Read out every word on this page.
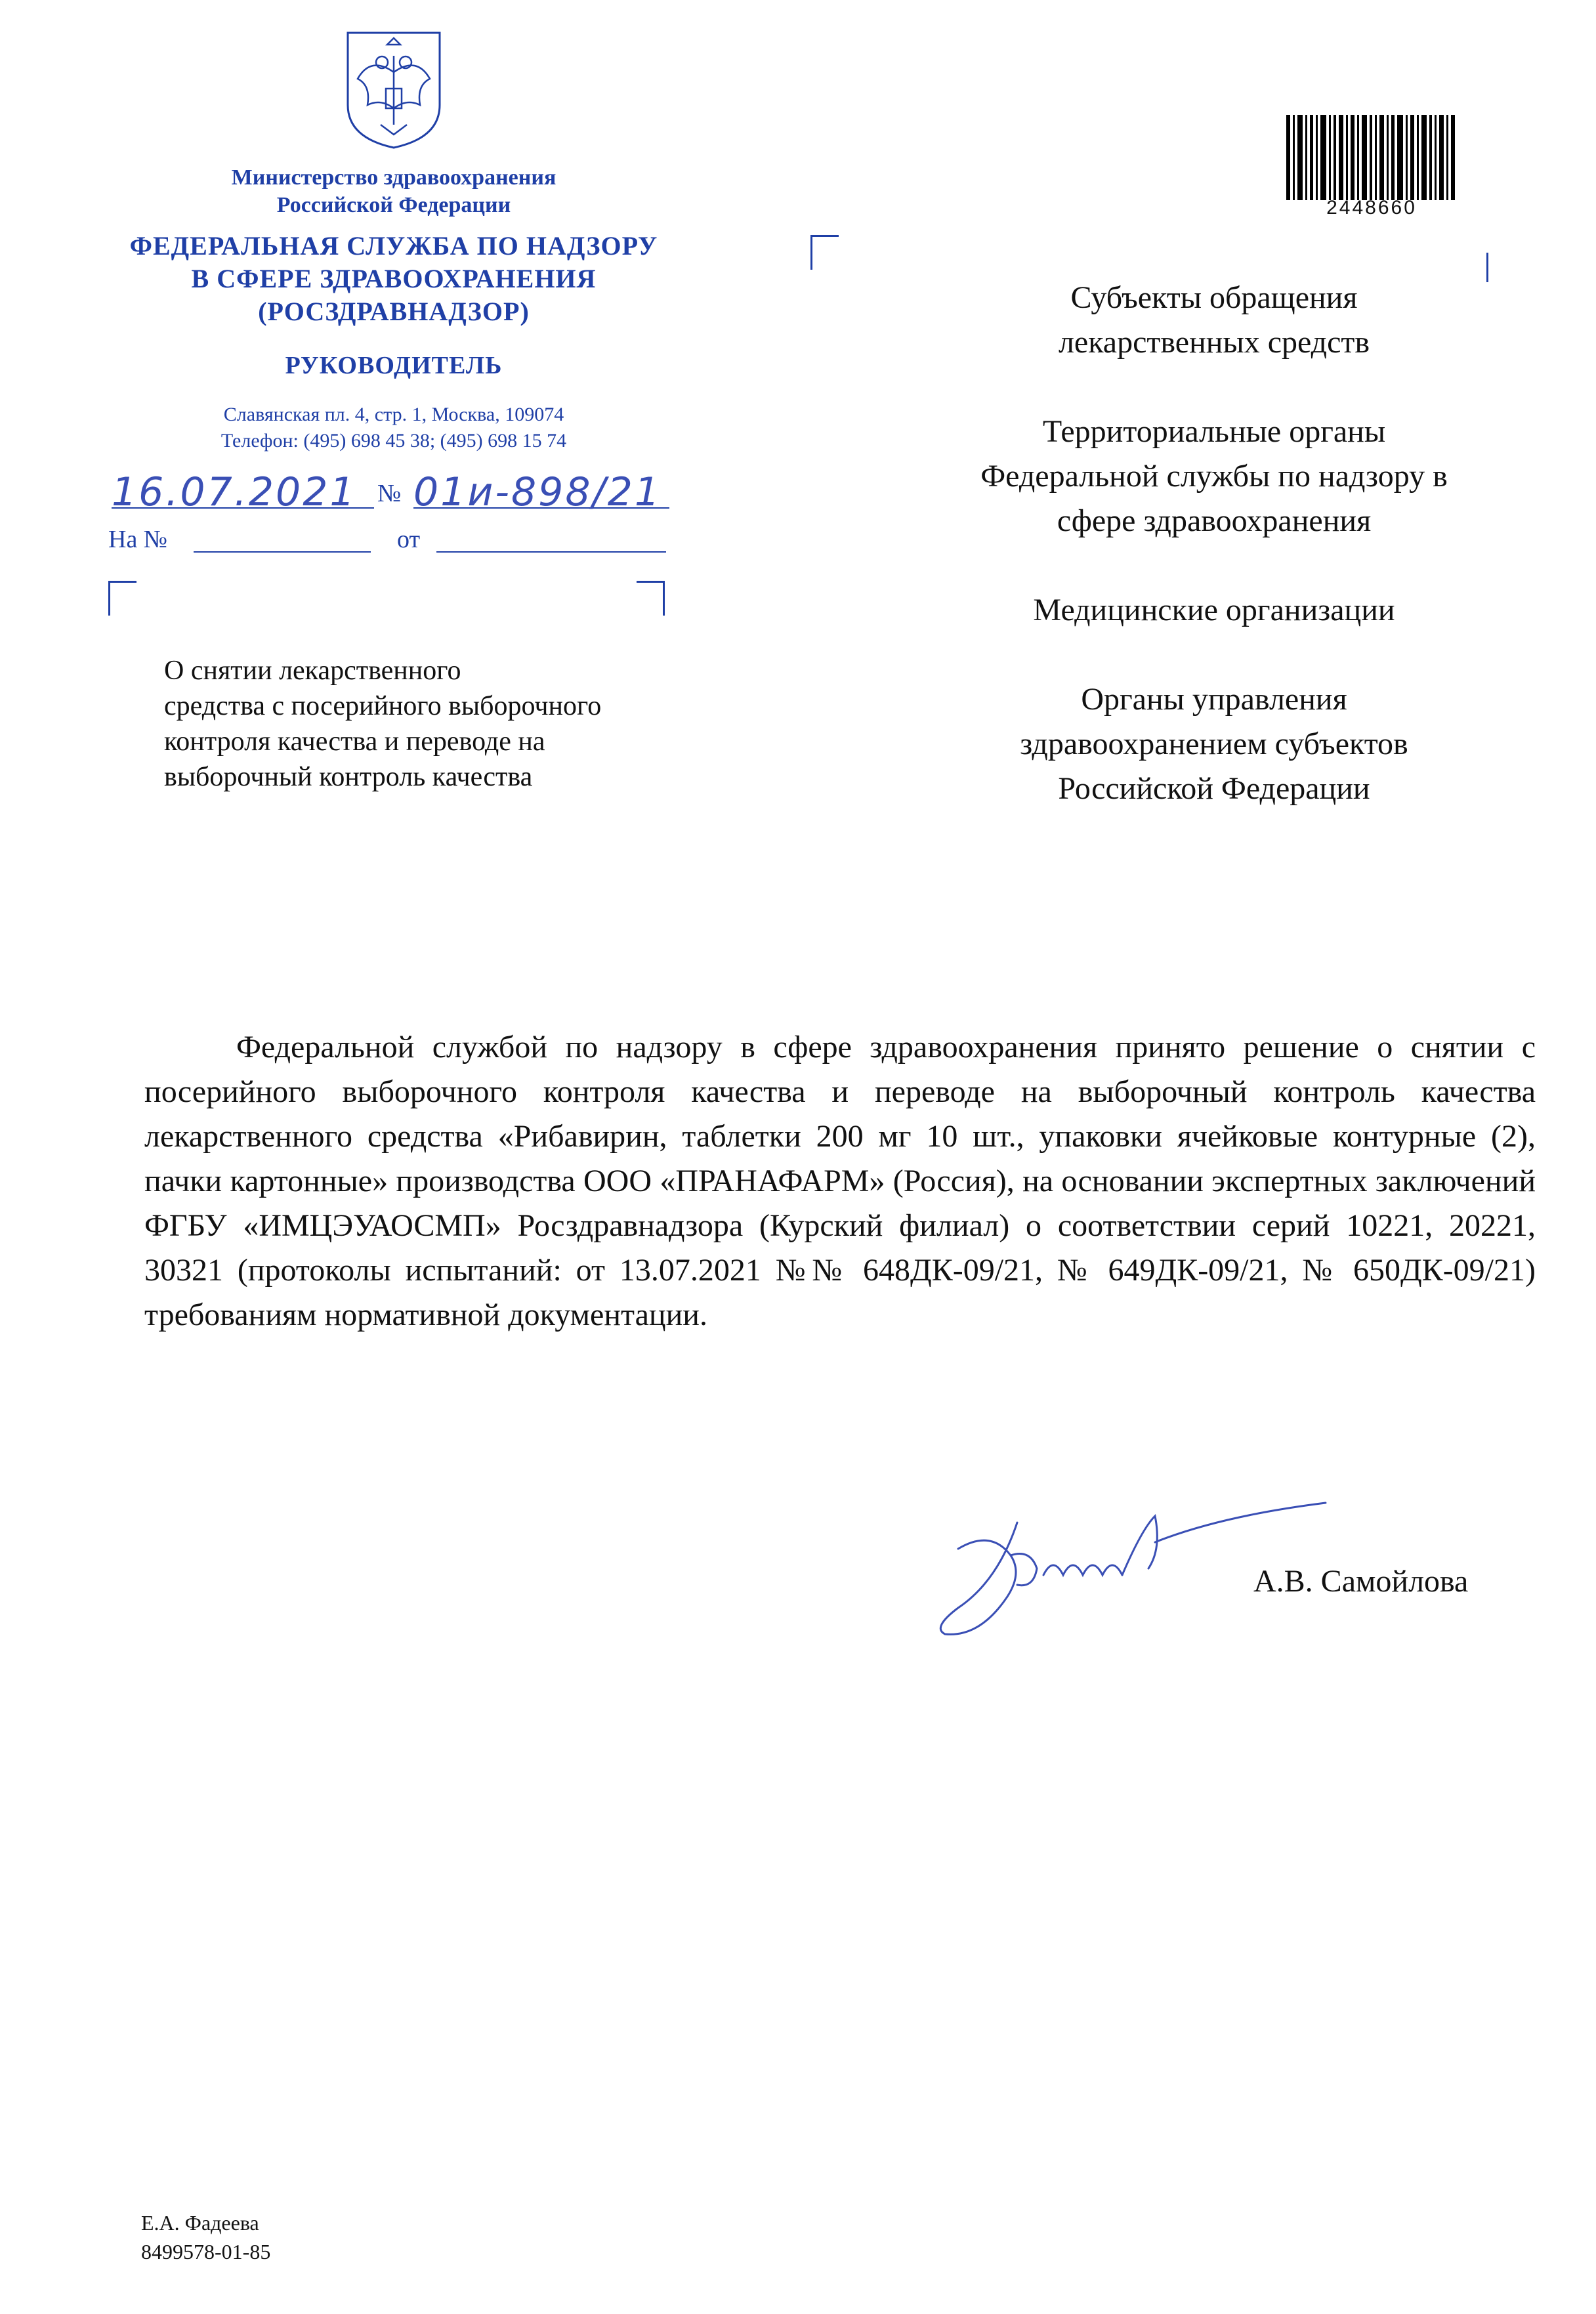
Министерство здравоохранения
Российской Федерации
ФЕДЕРАЛЬНАЯ СЛУЖБА ПО НАДЗОРУ
В СФЕРЕ ЗДРАВООХРАНЕНИЯ
(РОСЗДРАВНАДЗОР)
РУКОВОДИТЕЛЬ
Славянская пл. 4, стр. 1, Москва, 109074
Телефон: (495) 698 45 38; (495) 698 15 74
16.07.2021 № 01и-898/21
На №	от
2448660
Субъекты обращения
лекарственных средств
Территориальные органы
Федеральной службы по надзору в
сфере здравоохранения
Медицинские организации
Органы управления
здравоохранением субъектов
Российской Федерации
О снятии лекарственного
средства с посерийного выборочного
контроля качества и переводе на
выборочный контроль качества
Федеральной службой по надзору в сфере здравоохранения принято решение о снятии с посерийного выборочного контроля качества и переводе на выборочный контроль качества лекарственного средства «Рибавирин, таблетки 200 мг 10 шт., упаковки ячейковые контурные (2), пачки картонные» производства ООО «ПРАНАФАРМ» (Россия), на основании экспертных заключений ФГБУ «ИМЦЭУАОСМП» Росздравнадзора (Курский филиал) о соответствии серий 10221, 20221, 30321 (протоколы испытаний: от 13.07.2021 №№ 648ДК-09/21, № 649ДК-09/21, № 650ДК-09/21) требованиям нормативной документации.
А.В. Самойлова
Е.А. Фадеева
8499578-01-85
